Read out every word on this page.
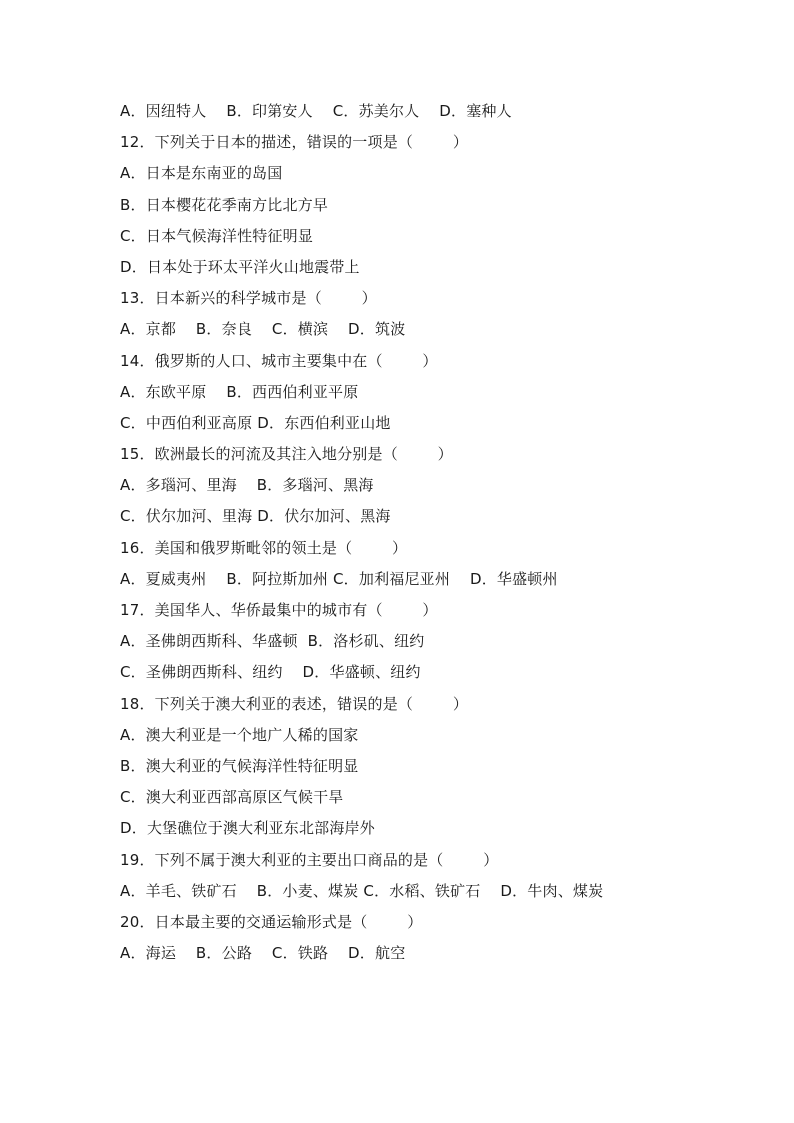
A．因纽特人    B．印第安人    C．苏美尔人    D．塞种人
12．下列关于日本的描述，错误的一项是（        ）
A．日本是东南亚的岛国
B．日本樱花花季南方比北方早
C．日本气候海洋性特征明显
D．日本处于环太平洋火山地震带上
13．日本新兴的科学城市是（        ）
A．京都    B．奈良    C．横滨    D．筑波
14．俄罗斯的人口、城市主要集中在（        ）
A．东欧平原    B．西西伯利亚平原
C．中西伯利亚高原 D．东西伯利亚山地
15．欧洲最长的河流及其注入地分别是（        ）
A．多瑙河、里海    B．多瑙河、黑海
C．伏尔加河、里海 D．伏尔加河、黑海
16．美国和俄罗斯毗邻的领土是（        ）
A．夏威夷州    B．阿拉斯加州 C．加利福尼亚州    D．华盛顿州
17．美国华人、华侨最集中的城市有（        ）
A．圣佛朗西斯科、华盛顿  B．洛杉矶、纽约
C．圣佛朗西斯科、纽约    D．华盛顿、纽约
18．下列关于澳大利亚的表述，错误的是（        ）
A．澳大利亚是一个地广人稀的国家
B．澳大利亚的气候海洋性特征明显
C．澳大利亚西部高原区气候干旱
D．大堡礁位于澳大利亚东北部海岸外
19．下列不属于澳大利亚的主要出口商品的是（        ）
A．羊毛、铁矿石    B．小麦、煤炭 C．水稻、铁矿石    D．牛肉、煤炭
20．日本最主要的交通运输形式是（        ）
A．海运    B．公路    C．铁路    D．航空
